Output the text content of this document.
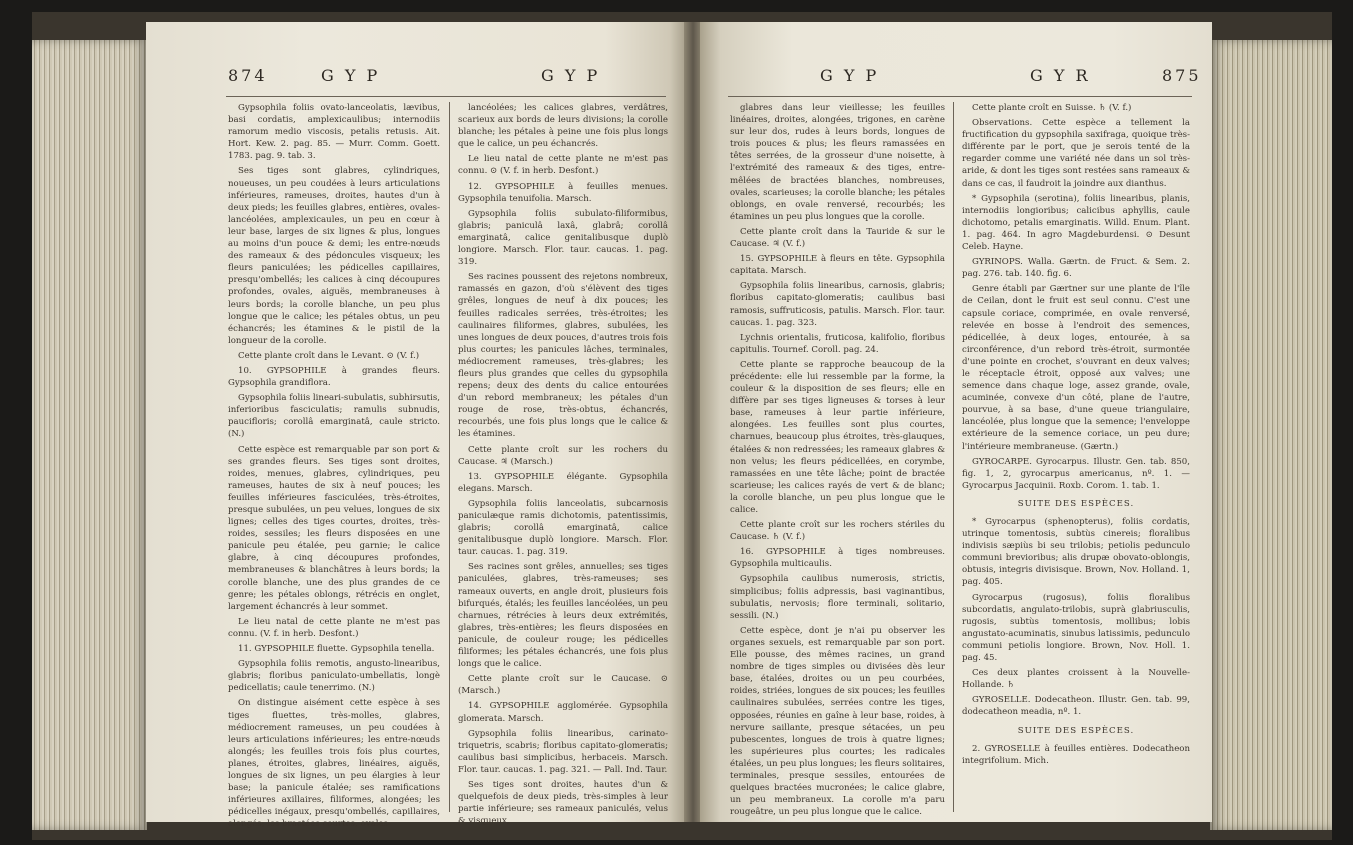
874	G Y P	G Y P

Gypsophila foliis ovato-lanceolatis, lævibus, basi cordatis, amplexicaulibus; internodiis ramorum medio viscosis, petalis retusis. Ait. Hort. Kew. 2. pag. 85. — Murr. Comm. Goett. 1783. pag. 9. tab. 3.

Ses tiges sont glabres, cylindriques, noueuses, un peu coudées à leurs articulations inférieures, rameuses, droites, hautes d'un à deux pieds; les feuilles glabres, entières, ovales-lancéolées, amplexicaules, un peu en cœur à leur base, larges de six lignes & plus, longues au moins d'un pouce & demi; les entre-nœuds des rameaux & des pédoncules visqueux; les fleurs paniculées; les pédicelles capillaires, presqu'ombellés; les calices à cinq découpures profondes, ovales, aiguës, membraneuses à leurs bords; la corolle blanche, un peu plus longue que le calice; les pétales obtus, un peu échancrés; les étamines & le pistil de la longueur de la corolle.

Cette plante croît dans le Levant. ⊙ (V. f.)

10. GYPSOPHILE à grandes fleurs. Gypsophila grandiflora.

Gypsophila foliis lineari-subulatis, subhirsutis, inferioribus fasciculatis; ramulis subnudis, paucifloris; corollâ emarginatâ, caule stricto. (N.)

Cette espèce est remarquable par son port & ses grandes fleurs. Ses tiges sont droites, roides, menues, glabres, cylindriques, peu rameuses, hautes de six à neuf pouces; les feuilles inférieures fasciculées, très-étroites, presque subulées, un peu velues, longues de six lignes; celles des tiges courtes, droites, très-roides, sessiles; les fleurs disposées en une panicule peu étalée, peu garnie; le calice glabre, à cinq découpures profondes, membraneuses & blanchâtres à leurs bords; la corolle blanche, une des plus grandes de ce genre; les pétales oblongs, rétrécis en onglet, largement échancrés à leur sommet.

Le lieu natal de cette plante ne m'est pas connu. (V. f. in herb. Desfont.)

11. GYPSOPHILE fluette. Gypsophila tenella.

Gypsophila foliis remotis, angusto-linearibus, glabris; floribus paniculato-umbellatis, longè pedicellatis; caule tenerrimo. (N.)

On distingue aisément cette espèce à ses tiges fluettes, très-molles, glabres, médiocrement rameuses, un peu coudées à leurs articulations inférieures; les entre-nœuds alongés; les feuilles trois fois plus courtes, planes, étroites, glabres, linéaires, aiguës, longues de six lignes, un peu élargies à leur base; la panicule étalée; ses ramifications inférieures axillaires, filiformes, alongées; les pédicelles inégaux, presqu'ombellés, capillaires, alongés; les bractées courtes, ovales-

lancéolées; les calices glabres, verdâtres, scarieux aux bords de leurs divisions; la corolle blanche; les pétales à peine une fois plus longs que le calice, un peu échancrés.

Le lieu natal de cette plante ne m'est pas connu. ⊙ (V. f. in herb. Desfont.)

12. GYPSOPHILE à feuilles menues. Gypsophila tenuifolia. Marsch.

Gypsophila foliis subulato-filiformibus, glabris; paniculâ laxâ, glabrâ; corollâ emarginatâ, calice genitalibusque duplò longiore. Marsch. Flor. taur. caucas. 1. pag. 319.

Ses racines poussent des rejetons nombreux, ramassés en gazon, d'où s'élèvent des tiges grêles, longues de neuf à dix pouces; les feuilles radicales serrées, très-étroites; les caulinaires filiformes, glabres, subulées, les unes longues de deux pouces, d'autres trois fois plus courtes; les panicules lâches, terminales, médiocrement rameuses, très-glabres; les fleurs plus grandes que celles du gypsophila repens; deux des dents du calice entourées d'un rebord membraneux; les pétales d'un rouge de rose, très-obtus, échancrés, recourbés, une fois plus longs que le calice & les étamines.

Cette plante croît sur les rochers du Caucase. ♃ (Marsch.)

13. GYPSOPHILE élégante. Gypsophila elegans. Marsch.

Gypsophila foliis lanceolatis, subcarnosis paniculæque ramis dichotomis, patentissimis, glabris; corollâ emarginatâ, calice genitalibusque duplò longiore. Marsch. Flor. taur. caucas. 1. pag. 319.

Ses racines sont grêles, annuelles; ses tiges paniculées, glabres, très-rameuses; ses rameaux ouverts, en angle droit, plusieurs fois bifurqués, étalés; les feuilles lancéolées, un peu charnues, rétrécies à leurs deux extrémités, glabres, très-entières; les fleurs disposées en panicule, de couleur rouge; les pédicelles filiformes; les pétales échancrés, une fois plus longs que le calice.

Cette plante croît sur le Caucase. ⊙ (Marsch.)

14. GYPSOPHILE agglomérée. Gypsophila glomerata. Marsch.

Gypsophila foliis linearibus, carinato-triquetris, scabris; floribus capitato-glomeratis; caulibus basi simplicibus, herbaceis. Marsch. Flor. taur. caucas. 1. pag. 321. — Pall. Ind. Taur.

Ses tiges sont droites, hautes d'un & quelquefois de deux pieds, très-simples à leur partie inférieure; ses rameaux paniculés, velus & visqueux,

G Y P	G Y R	875

glabres dans leur vieillesse; les feuilles linéaires, droites, alongées, trigones, en carène sur leur dos, rudes à leurs bords, longues de trois pouces & plus; les fleurs ramassées en têtes serrées, de la grosseur d'une noisette, à l'extrémité des rameaux & des tiges, entre-mêlées de bractées blanches, nombreuses, ovales, scarieuses; la corolle blanche; les pétales oblongs, en ovale renversé, recourbés; les étamines un peu plus longues que la corolle.

Cette plante croît dans la Tauride & sur le Caucase. ♃ (V. f.)

15. GYPSOPHILE à fleurs en tête. Gypsophila capitata. Marsch.

Gypsophila foliis linearibus, carnosis, glabris; floribus capitato-glomeratis; caulibus basi ramosis, suffruticosis, patulis. Marsch. Flor. taur. caucas. 1. pag. 323.

Lychnis orientalis, fruticosa, kalifolio, floribus capitulis. Tournef. Coroll. pag. 24.

Cette plante se rapproche beaucoup de la précédente: elle lui ressemble par la forme, la couleur & la disposition de ses fleurs; elle en diffère par ses tiges ligneuses & torses à leur base, rameuses à leur partie inférieure, alongées. Les feuilles sont plus courtes, charnues, beaucoup plus étroites, très-glauques, étalées & non redressées; les rameaux glabres & non velus; les fleurs pédicellées, en corymbe, ramassées en une tête lâche; point de bractée scarieuse; les calices rayés de vert & de blanc; la corolle blanche, un peu plus longue que le calice.

Cette plante croît sur les rochers stériles du Caucase. ♄ (V. f.)

16. GYPSOPHILE à tiges nombreuses. Gypsophila multicaulis.

Gypsophila caulibus numerosis, strictis, simplicibus; foliis adpressis, basi vaginantibus, subulatis, nervosis; flore terminali, solitario, sessili. (N.)

Cette espèce, dont je n'ai pu observer les organes sexuels, est remarquable par son port. Elle pousse, des mêmes racines, un grand nombre de tiges simples ou divisées dès leur base, étalées, droites ou un peu courbées, roides, striées, longues de six pouces; les feuilles caulinaires subulées, serrées contre les tiges, opposées, réunies en gaîne à leur base, roides, à nervure saillante, presque sétacées, un peu pubescentes, longues de trois à quatre lignes; les supérieures plus courtes; les radicales étalées, un peu plus longues; les fleurs solitaires, terminales, presque sessiles, entourées de quelques bractées mucronées; le calice glabre, un peu membraneux. La corolle m'a paru rougeâtre, un peu plus longue que le calice.

Cette plante croît en Suisse. ♄ (V. f.)

Observations. Cette espèce a tellement la fructification du gypsophila saxifraga, quoique très-différente par le port, que je serois tenté de la regarder comme une variété née dans un sol très-aride, & dont les tiges sont restées sans rameaux & dans ce cas, il faudroit la joindre aux dianthus.

* Gypsophila (serotina), foliis linearibus, planis, internodiis longioribus; calicibus aphyllis, caule dichotomo, petalis emarginatis. Willd. Enum. Plant. 1. pag. 464. In agro Magdeburdensi. ⊙ Desunt Celeb. Hayne.

GYRINOPS. Walla. Gærtn. de Fruct. & Sem. 2. pag. 276. tab. 140. fig. 6.

Genre établi par Gærtner sur une plante de l'île de Ceilan, dont le fruit est seul connu. C'est une capsule coriace, comprimée, en ovale renversé, relevée en bosse à l'endroit des semences, pédicellée, à deux loges, entourée, à sa circonférence, d'un rebord très-étroit, surmontée d'une pointe en crochet, s'ouvrant en deux valves; le réceptacle étroit, opposé aux valves; une semence dans chaque loge, assez grande, ovale, acuminée, convexe d'un côté, plane de l'autre, pourvue, à sa base, d'une queue triangulaire, lancéolée, plus longue que la semence; l'enveloppe extérieure de la semence coriace, un peu dure; l'intérieure membraneuse. (Gærtn.)

GYROCARPE. Gyrocarpus. Illustr. Gen. tab. 850, fig. 1, 2, gyrocarpus americanus, nº. 1. — Gyrocarpus Jacquinii. Roxb. Corom. 1. tab. 1.

SUITE DES ESPÈCES.

* Gyrocarpus (sphenopterus), foliis cordatis, utrinque tomentosis, subtùs cinereis; floralibus indivisis sæpiùs bi seu trilobis; petiolis pedunculo communi brevioribus; alis drupæ obovato-oblongis, obtusis, integris divisisque. Brown, Nov. Holland. 1, pag. 405.

Gyrocarpus (rugosus), foliis floralibus subcordatis, angulato-trilobis, suprà glabriusculis, rugosis, subtùs tomentosis, mollibus; lobis angustato-acuminatis, sinubus latissimis, pedunculo communi petiolis longiore. Brown, Nov. Holl. 1. pag. 45.

Ces deux plantes croissent à la Nouvelle-Hollande. ♄

GYROSELLE. Dodecatheon. Illustr. Gen. tab. 99, dodecatheon meadia, nº. 1.

SUITE DES ESPÈCES.

2. GYROSELLE à feuilles entières. Dodecatheon integrifolium. Mich.
